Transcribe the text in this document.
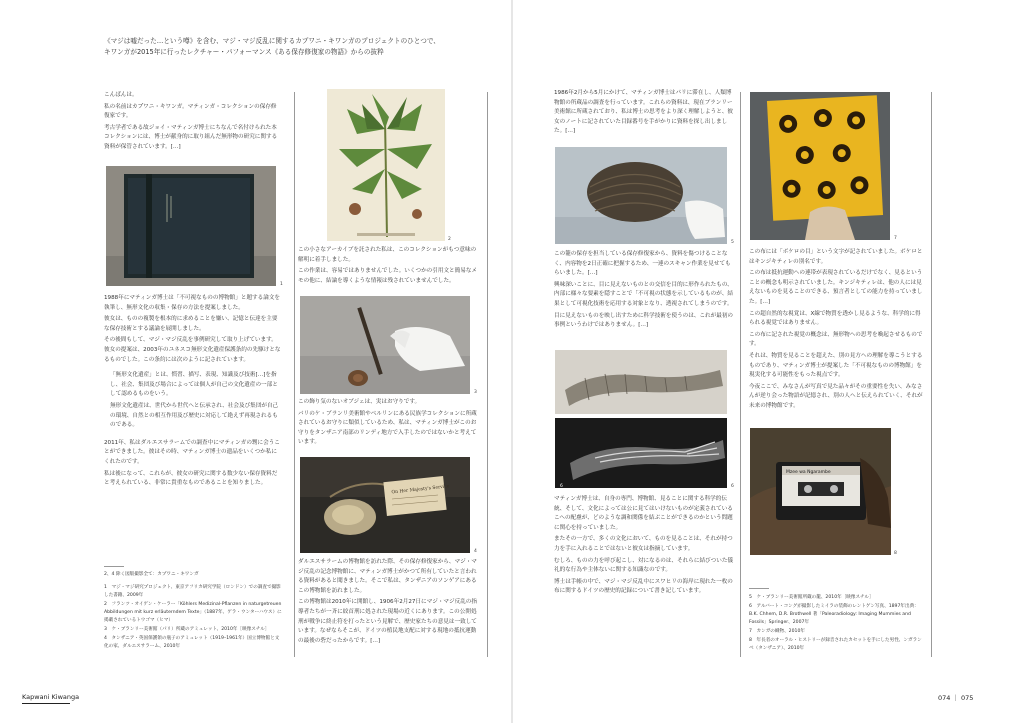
《マジは嘘だった…という噂》を含む、マジ・マジ反乱に関するカプワニ・キワンガのプロジェクトのひとつで、
キワンガが2015年に行ったレクチャー・パフォーマンス《ある保存修復家の物語》からの抜粋

こんばんは。

私の名前はカプワニ・キワンガ。マティンガ・コレクションの保存修復家です。

考古学者である故ジョイ・マティンガ博士にちなんで名付けられた本コレクションには、博士が献身的に取り組んだ無形物の研究に関する資料が保管されています。[…]

1

1988年にマティンガ博士は「不可視なものの博物館」と題する論文を執筆し、無形文化の収集・保存の方法を提案しました。

彼女は、ものの複製を根本的に求めることを嫌い、記憶と伝達を主要な保存技術とする議論を展開しました。

その後間もして、マジ・マジ反乱を事例研究して取り上げています。彼女の提案は、2003年のユネスコ無形文化遺産保護条約の先駆けとなるものでした。この条約には次のように記されています。

「無形文化遺産」とは、慣習、描写、表現、知識及び技術[…]を指し、社会、集団及び場合によっては個人が自己の文化遺産の一部として認めるものをいう。

無形文化遺産は、世代から世代へと伝承され、社会及び集団が自己の環境、自然との相互作用及び歴史に対応して絶えず再現されるものである。

2011年、私はダルエスサラームでの調査中にマティンガの甥に会うことができました。彼はその時、マティンガ博士の遺品をいくつか私にくれたのです。

私は後になって、これらが、彼女の研究に関する数少ない保存資料だと考えられている、非常に貴重なものであることを知りました。

2、4 除く図版撮影全て：カプワニ・キワンガ

1　マジ・マジ研究プロジェクト、東京アフリカ研究学院（ロンドン）での調査で撮影した書籍、2009年

2　フランツ・オイゲン・ケーラー「Köhlers Medizinal-Pflanzen in naturgetreuen Abbildungen mit kurz erläuterndem Texte」（1887年、ゲラ・ウンターハウス）に掲載されているトウゴマ（ヒマ）

3　ケ・ブランリー美術館（パリ）所蔵のアミュレット、2010年［映像スチル］

4　タンザニア・英国保護領の瓶子のアミュレット（1919–1961年）国立博物館と文化の家、ダルエスサラーム、2010年

2

この小さなアーカイブを託された私は、このコレクションがもつ意味の解明に着手しました。

この作業は、容易ではありませんでした。いくつかの引用文と簡易なメモの他に、結論を導くような情報は残されていませんでした。

3

この飾り気のないオブジェは、実はお守りです。

パリのケ・ブランリ美術館やベルリンにある民族学コレクションに所蔵されているお守りに類似しているため、私は、マティンガ博士がこのお守りをタンザニア南部のリンディ地方で入手したのではないかと考えています。

On Her Majesty's Service
4

ダルエスサラームの博物館を訪れた際、その保存修復家から、マジ・マジ反乱の記念博物館に、マティンガ博士がかつて所有していたと言われる資料があると聞きました。そこで私は、タンザニアのソンゲアにあるこの博物館を訪れました。

この博物館は2010年に開館し、1906年2月27日にマジ・マジ反乱の指導者たちが一斉に絞首刑に処された現場の近くにあります。この公開処刑が戦争に終止符を打ったという見解で、歴史家たちの意見は一致しています。なぜならそこが、ドイツの植民地支配に対する現地の抵抗運動の最後の砦だったからです。[…]

1986年2月から5月にかけて、マティンガ博士はパリに滞在し、人類博物館の所蔵品の調査を行っています。これらの資料は、現在ブランリー美術館に所蔵されており、私は博士の思考をより深く理解しようと、彼女のノートに記されていた目録番号を手がかりに資料を探し出しました。[…]

5

この籠の保存を担当している保存修復家から、資料を傷つけることなく、内容物を2日正確に把握するため、一連のスキャン作業を見せてもらいました。[…]

興味深いことに、目に見えないものとの交信を目的に形作られたもの、内部に様々な要素を隠すことで「不可視の状態を示しているものが、結果として可視化技術を応用する対象となり、透視されてしまうのです。

目に見えないものを映し出すために科学技術を使うのは、これが最初の事例というわけではありません。[…]

6	6

マティンガ博士は、自身の専門、博物館、見ることに関する科学的伝統、そして、文化によっては公に見てはいけないものが定義されているこへの配慮が、どのような調和関係を結ぶことができるのかという問題に関心を持っていました。

またその一方で、多くの文化において、ものを見ることは、それが持つ力を手に入れることではないと彼女は指摘しています。

むしろ、ものの力を呼び起こし、対になるのは、それらに結びついた儀礼的な行為や主体ないに関する知識なのです。

博士は手帳の中で、マジ・マジ反乱中にスワヒリの海岸に現れた一枚の布に関するドイツの歴史的記録について書き記しています。

7

この布には「ボケロの目」という文字が記されていました。ボケロとはキンジキティレの別名です。

この布は抵抗運動への連帯が表現されているだけでなく、見るということの概念も明示されていました。キンジキティレは、他の人には見えないものを見ることのできる、預言者としての能力を持っていました。[…]

この超自然的な視覚は、X線で物質を透かし見るような、科学的に得られる視覚ではありません。

この布に記された視覚の概念は、無形物への思考を喚起させるものです。

それは、物質を見ることを超えた、別の見方への理解を導こうとするものであり、マティンガ博士が提案した「不可視なものの博物館」を現実化する可能性をもった視点です。

今夜ここで、みなさんが写真で見た品々がその重要性を失い、みなさんが逆り会った物語が記憶され、別の人へと伝えられていく、それが未来の博物館です。

Mzee wa Ngarambe
8

5　ケ・ブランリー美術館所蔵の籠、2010年［映像スチル］

6　アルバート・コングが撮影したミイラの装飾のレントゲン写真、1897年出典：B.K. Chhem, D.R. Brothwell 著「Paleoradiology: Imaging Mummies and Fossils」Springer、2007年

7　カンガの織物、2010年

8　年長者のオーラル・ヒストリーが録音されたカセットを手にした男性、ンガランベ（タンザニア）、2010年

Kapwani Kiwanga	074 ｜ 075
